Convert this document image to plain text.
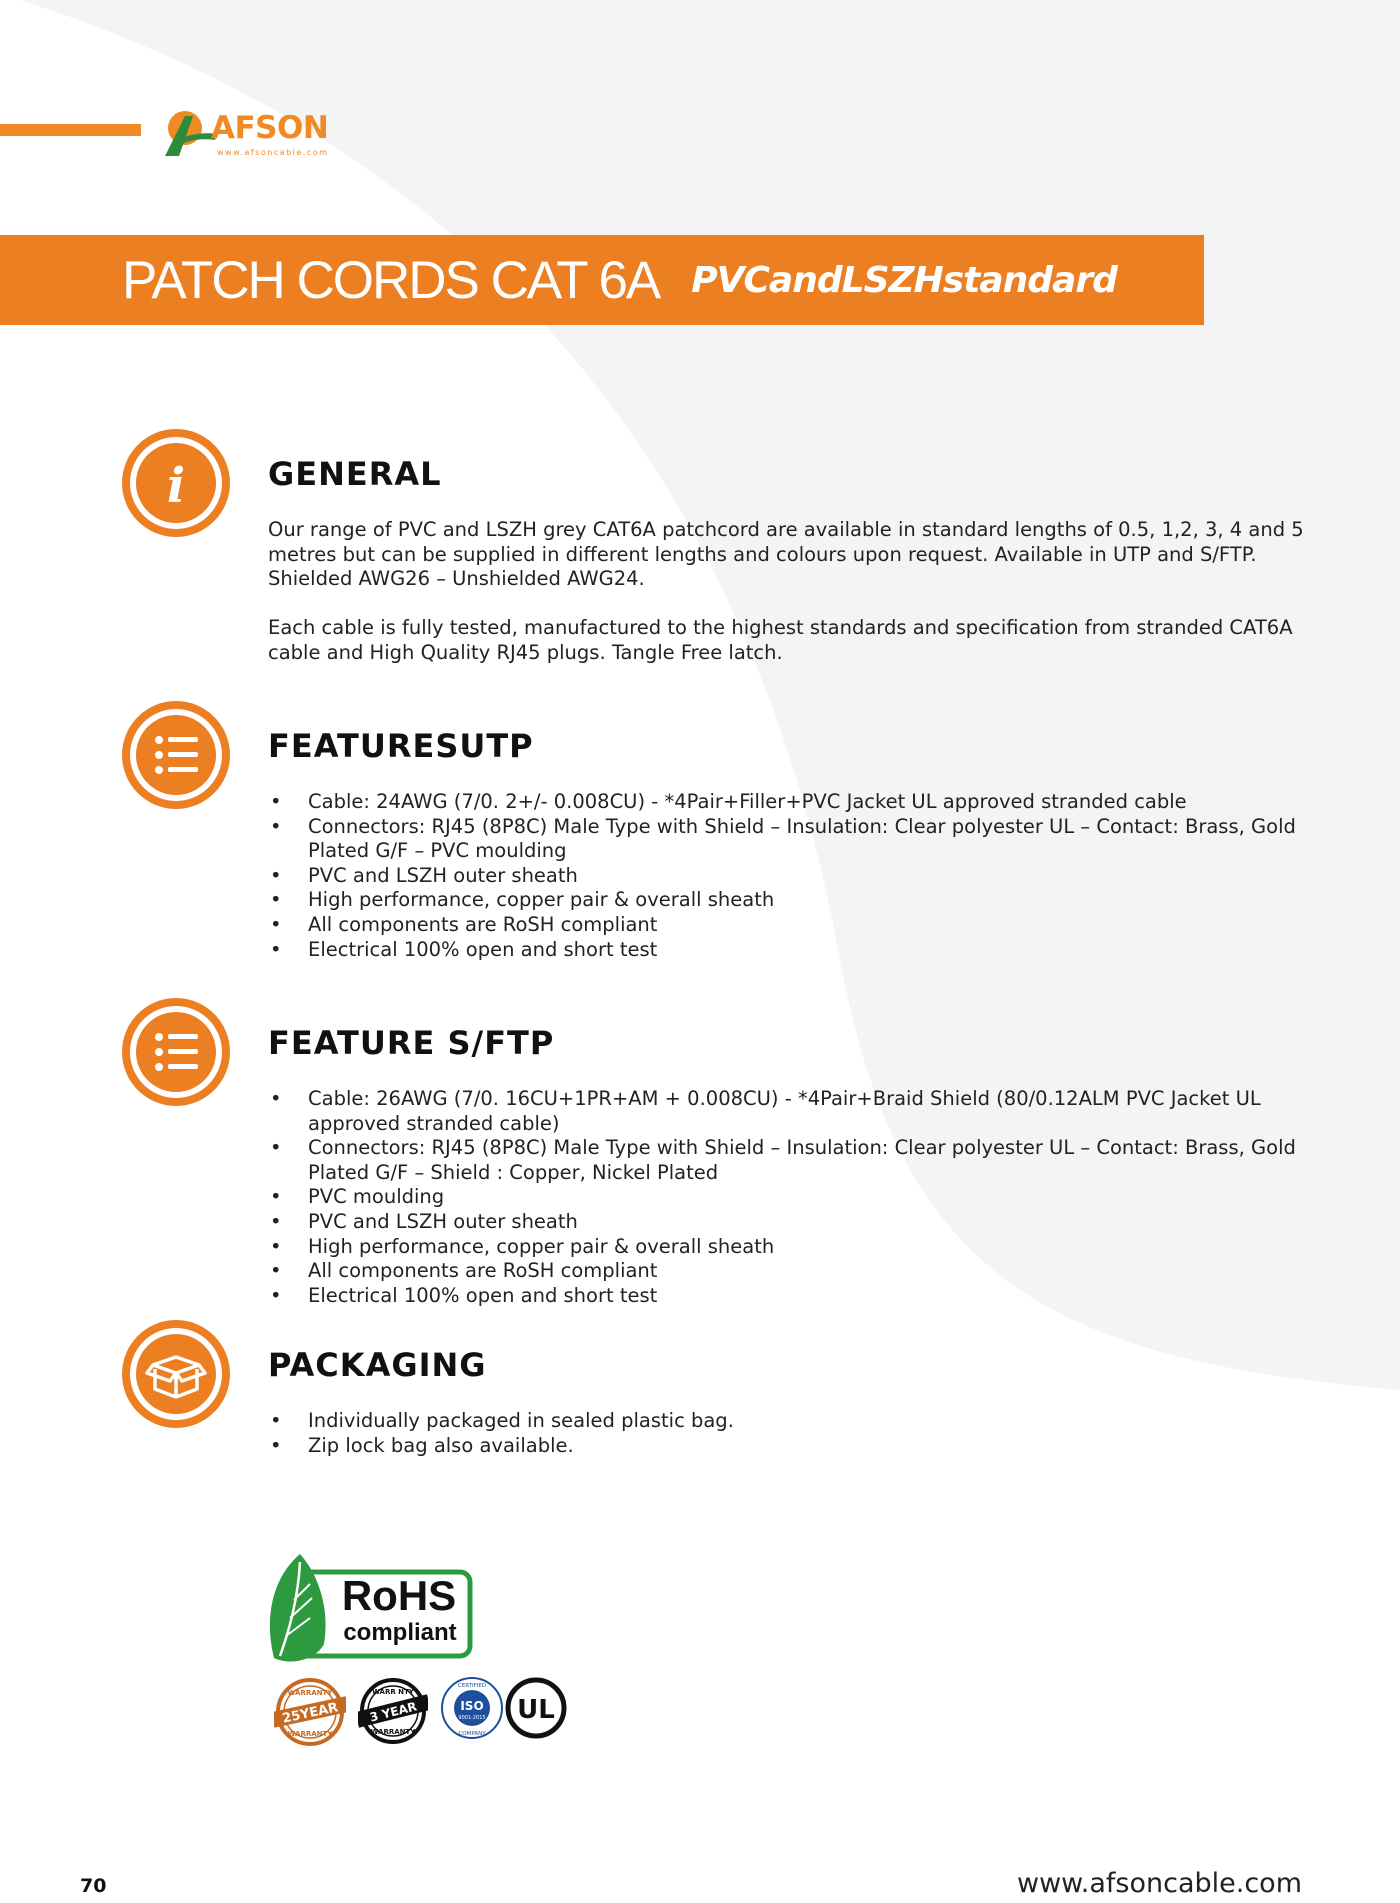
AFSON
www.afsoncable.com
PATCH CORDS CAT 6A PVCandLSZHstandard
i	GENERAL

Our range of PVC and LSZH grey CAT6A patchcord are available in standard lengths of 0.5, 1,2, 3, 4 and 5 metres but can be supplied in different lengths and colours upon request. Available in UTP and S/FTP. Shielded AWG26 – Unshielded AWG24.

Each cable is fully tested, manufactured to the highest standards and specification from stranded CAT6A cable and High Quality RJ45 plugs. Tangle Free latch.

FEATURESUTP
• Cable: 24AWG (7/0. 2+/- 0.008CU) - *4Pair+Filler+PVC Jacket UL approved stranded cable
• Connectors: RJ45 (8P8C) Male Type with Shield – Insulation: Clear polyester UL – Contact: Brass, Gold Plated G/F – PVC moulding
• PVC and LSZH outer sheath
• High performance, copper pair & overall sheath
• All components are RoSH compliant
• Electrical 100% open and short test
FEATURE S/FTP
• Cable: 26AWG (7/0. 16CU+1PR+AM + 0.008CU) - *4Pair+Braid Shield (80/0.12ALM PVC Jacket UL approved stranded cable)
• Connectors: RJ45 (8P8C) Male Type with Shield – Insulation: Clear polyester UL – Contact: Brass, Gold Plated G/F – Shield : Copper, Nickel Plated
• PVC moulding
• PVC and LSZH outer sheath
• High performance, copper pair & overall sheath
• All components are RoSH compliant
• Electrical 100% open and short test
PACKAGING
• Individually packaged in sealed plastic bag.
• Zip lock bag also available.
RoHS
compliant
WARRANTY
25YEAR
WARRANTY
WARR NTY
3 YEAR
WARRANTY
CERTIFIED
ISO
9001:2015
COMPANY
UL
70	www.afsoncable.com
